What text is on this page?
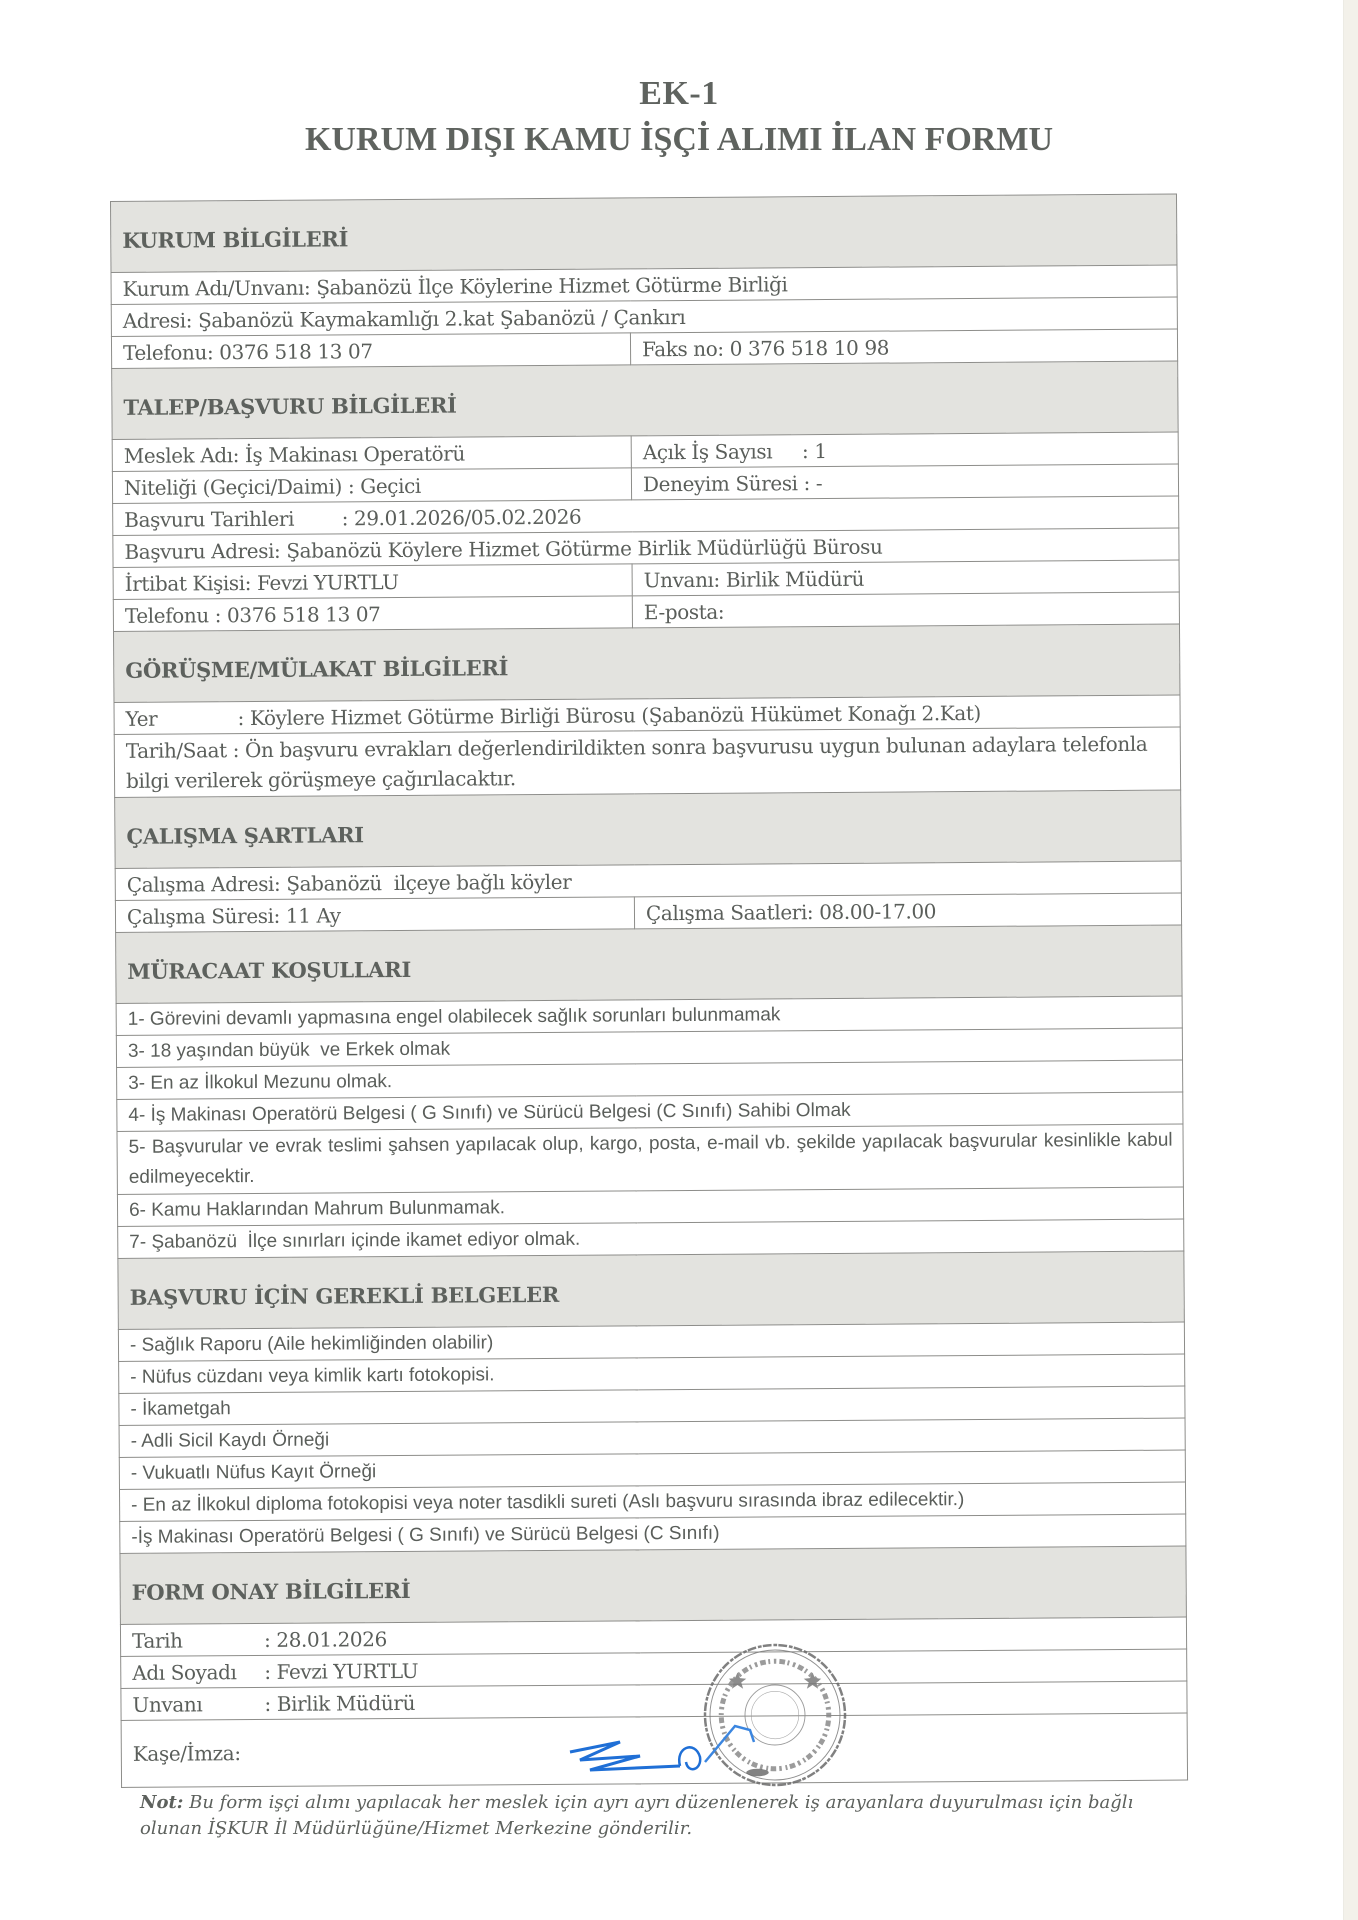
EK-1
KURUM DIŞI KAMU İŞÇİ ALIMI İLAN FORMU
KURUM BİLGİLERİ	
Kurum Adı/Unvanı: Şabanözü İlçe Köylerine Hizmet Götürme Birliği	
Adresi: Şabanözü Kaymakamlığı 2.kat Şabanözü / Çankırı	
Telefonu: 0376 518 13 07	Faks no: 0 376 518 10 98
TALEP/BAŞVURU BİLGİLERİ	
Meslek Adı: İş Makinası Operatörü	Açık İş Sayısı     : 1
Niteliği (Geçici/Daimi) : Geçici	Deneyim Süresi : -
Başvuru Tarihleri        : 29.01.2026/05.02.2026	
Başvuru Adresi: Şabanözü Köylere Hizmet Götürme Birlik Müdürlüğü Bürosu	
İrtibat Kişisi: Fevzi YURTLU	Unvanı: Birlik Müdürü
Telefonu : 0376 518 13 07	E-posta:
GÖRÜŞME/MÜLAKAT BİLGİLERİ	
Yer : Köylere Hizmet Götürme Birliği Bürosu (Şabanözü Hükümet Konağı 2.Kat)	
Tarih/Saat : Ön başvuru evrakları değerlendirildikten sonra başvurusu uygun bulunan adaylara telefonla bilgi verilerek görüşmeye çağırılacaktır.	
ÇALIŞMA ŞARTLARI	
Çalışma Adresi: Şabanözü  ilçeye bağlı köyler	
Çalışma Süresi: 11 Ay	Çalışma Saatleri: 08.00-17.00
MÜRACAAT KOŞULLARI	
1- Görevini devamlı yapmasına engel olabilecek sağlık sorunları bulunmamak	
3- 18 yaşından büyük  ve Erkek olmak	
3- En az İlkokul Mezunu olmak.	
4- İş Makinası Operatörü Belgesi ( G Sınıfı) ve Sürücü Belgesi (C Sınıfı) Sahibi Olmak	
5- Başvurular ve evrak teslimi şahsen yapılacak olup, kargo, posta, e-mail vb. şekilde yapılacak başvurular kesinlikle kabul edilmeyecektir.	
6- Kamu Haklarından Mahrum Bulunmamak.	
7- Şabanözü  İlçe sınırları içinde ikamet ediyor olmak.	
BAŞVURU İÇİN GEREKLİ BELGELER	
- Sağlık Raporu (Aile hekimliğinden olabilir)	
- Nüfus cüzdanı veya kimlik kartı fotokopisi.	
- İkametgah	
- Adli Sicil Kaydı Örneği	
- Vukuatlı Nüfus Kayıt Örneği	
- En az İlkokul diploma fotokopisi veya noter tasdikli sureti (Aslı başvuru sırasında ibraz edilecektir.)	
-İş Makinası Operatörü Belgesi ( G Sınıfı) ve Sürücü Belgesi (C Sınıfı)	
FORM ONAY BİLGİLERİ	
Tarih : 28.01.2026	
Adı Soyadı : Fevzi YURTLU	
Unvanı : Birlik Müdürü	
Kaşe/İmza:	
Not: Bu form işçi alımı yapılacak her meslek için ayrı ayrı düzenlenerek iş arayanlara duyurulması için bağlı olunan İŞKUR İl Müdürlüğüne/Hizmet Merkezine gönderilir.
